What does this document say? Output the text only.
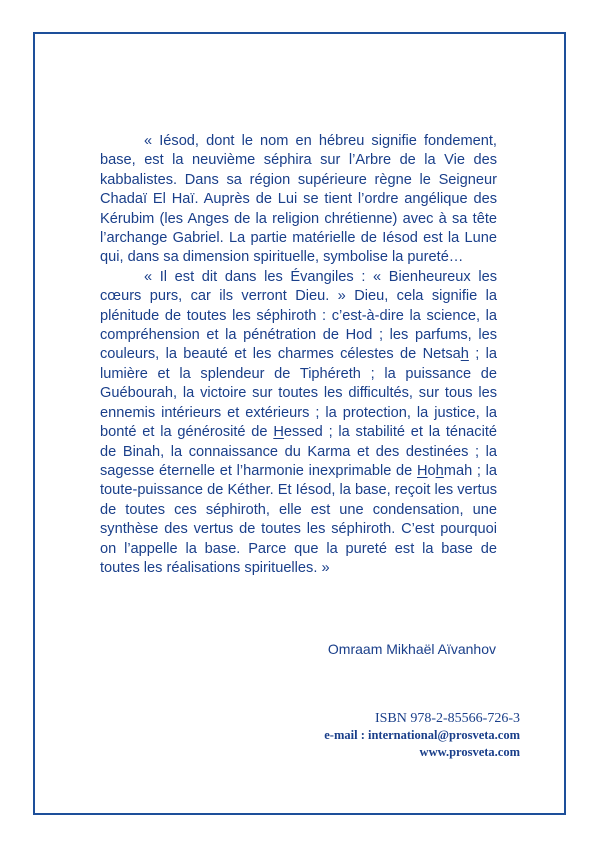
« Iésod, dont le nom en hébreu signifie fondement, base, est la neuvième séphira sur l’Arbre de la Vie des kabbalistes. Dans sa région supérieure règne le Seigneur Chadaï El Haï. Auprès de Lui se tient l’ordre angélique des Kérubim (les Anges de la religion chrétienne) avec à sa tête l’archange Gabriel. La partie matérielle de Iésod est la Lune qui, dans sa dimension spirituelle, symbolise la pureté…

« Il est dit dans les Évangiles : « Bienheureux les cœurs purs, car ils verront Dieu. » Dieu, cela signifie la plénitude de toutes les séphiroth : c’est-à-dire la science, la compréhension et la pénétration de Hod ; les parfums, les couleurs, la beauté et les charmes célestes de Netsah ; la lumière et la splendeur de Tiphéreth ; la puissance de Guébourah, la victoire sur toutes les difficultés, sur tous les ennemis intérieurs et extérieurs ; la protection, la justice, la bonté et la générosité de Hessed ; la stabilité et la ténacité de Binah, la connaissance du Karma et des destinées ; la sagesse éternelle et l’harmonie inexprimable de Hohmah ; la toute-puissance de Kéther. Et Iésod, la base, reçoit les vertus de toutes ces séphiroth, elle est une condensation, une synthèse des vertus de toutes les séphiroth. C’est pourquoi on l’appelle la base. Parce que la pureté est la base de toutes les réalisations spirituelles. »

Omraam Mikhaël Aïvanhov
ISBN 978-2-85566-726-3
e-mail : international@prosveta.com
www.prosveta.com
